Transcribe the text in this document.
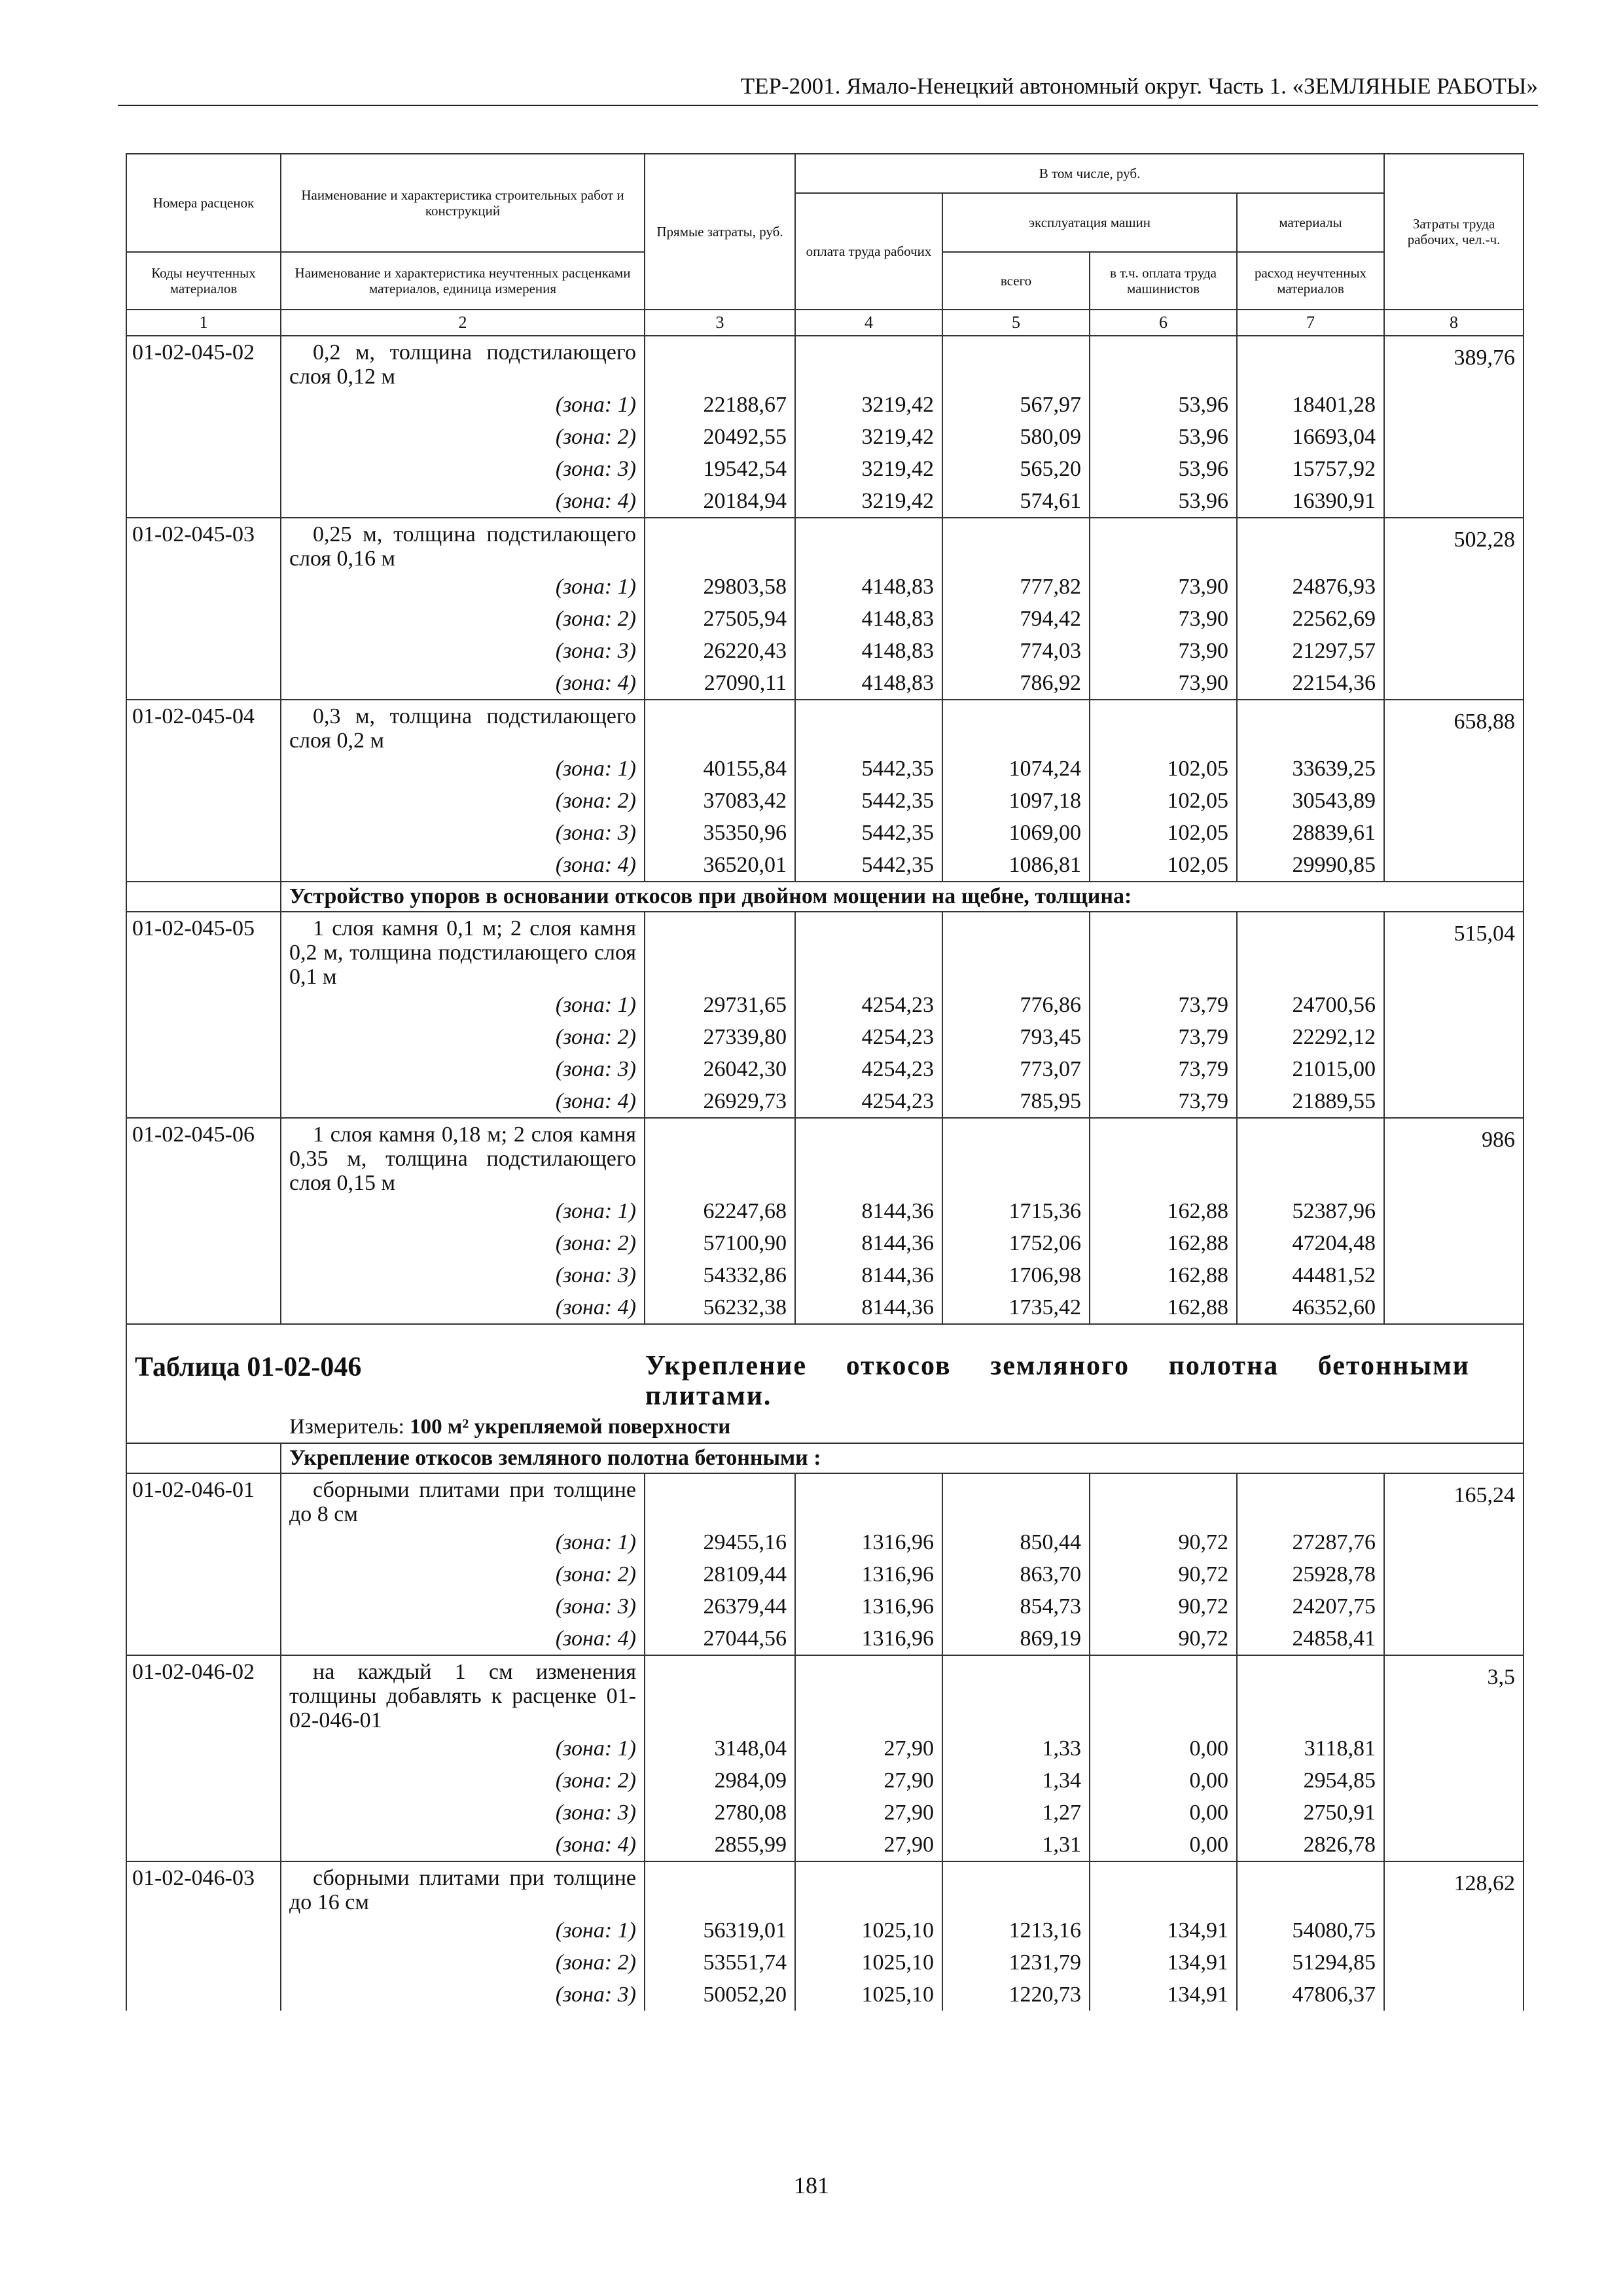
ТЕР-2001. Ямало-Ненецкий автономный округ. Часть 1. «ЗЕМЛЯНЫЕ РАБОТЫ»
Номера расценок	Наименование и характеристика строительных работ и конструкций	Прямые затраты, руб.	В том числе, руб.				Затраты труда рабочих, чел.-ч.
			оплата труда рабочих	эксплуатация машин		материалы	
Коды неучтенных материалов	Наименование и характеристика неучтенных расценками материалов, единица измерения			всего	в т.ч. оплата труда машинистов	расход неучтенных материалов	
1	2	3	4	5	6	7	8
01-02-045-02	0,2 м, толщина подстилающего слоя 0,12 м						389,76
	(зона: 1)	22188,67	3219,42	567,97	53,96	18401,28	
	(зона: 2)	20492,55	3219,42	580,09	53,96	16693,04	
	(зона: 3)	19542,54	3219,42	565,20	53,96	15757,92	
	(зона: 4)	20184,94	3219,42	574,61	53,96	16390,91	
01-02-045-03	0,25 м, толщина подстилающего слоя 0,16 м						502,28
	(зона: 1)	29803,58	4148,83	777,82	73,90	24876,93	
	(зона: 2)	27505,94	4148,83	794,42	73,90	22562,69	
	(зона: 3)	26220,43	4148,83	774,03	73,90	21297,57	
	(зона: 4)	27090,11	4148,83	786,92	73,90	22154,36	
01-02-045-04	0,3 м, толщина подстилающего слоя 0,2 м						658,88
	(зона: 1)	40155,84	5442,35	1074,24	102,05	33639,25	
	(зона: 2)	37083,42	5442,35	1097,18	102,05	30543,89	
	(зона: 3)	35350,96	5442,35	1069,00	102,05	28839,61	
	(зона: 4)	36520,01	5442,35	1086,81	102,05	29990,85	
	Устройство упоров в основании откосов при двойном мощении на щебне, толщина:						
01-02-045-05	1 слоя камня 0,1 м; 2 слоя камня 0,2 м, толщина подстилающего слоя 0,1 м						515,04
	(зона: 1)	29731,65	4254,23	776,86	73,79	24700,56	
	(зона: 2)	27339,80	4254,23	793,45	73,79	22292,12	
	(зона: 3)	26042,30	4254,23	773,07	73,79	21015,00	
	(зона: 4)	26929,73	4254,23	785,95	73,79	21889,55	
01-02-045-06	1 слоя камня 0,18 м; 2 слоя камня 0,35 м, толщина подстилающего слоя 0,15 м						986
	(зона: 1)	62247,68	8144,36	1715,36	162,88	52387,96	
	(зона: 2)	57100,90	8144,36	1752,06	162,88	47204,48	
	(зона: 3)	54332,86	8144,36	1706,98	162,88	44481,52	
	(зона: 4)	56232,38	8144,36	1735,42	162,88	46352,60	

Таблица 01-02-046 Укрепление откосов земляного полотна бетонными плитами.
Измеритель: 100 м² укрепляемой поверхности							

	Укрепление откосов земляного полотна бетонными :						
01-02-046-01	сборными плитами при толщине до 8 см						165,24
	(зона: 1)	29455,16	1316,96	850,44	90,72	27287,76	
	(зона: 2)	28109,44	1316,96	863,70	90,72	25928,78	
	(зона: 3)	26379,44	1316,96	854,73	90,72	24207,75	
	(зона: 4)	27044,56	1316,96	869,19	90,72	24858,41	
01-02-046-02	на каждый 1 см изменения толщины добавлять к расценке 01-02-046-01						3,5
	(зона: 1)	3148,04	27,90	1,33	0,00	3118,81	
	(зона: 2)	2984,09	27,90	1,34	0,00	2954,85	
	(зона: 3)	2780,08	27,90	1,27	0,00	2750,91	
	(зона: 4)	2855,99	27,90	1,31	0,00	2826,78	
01-02-046-03	сборными плитами при толщине до 16 см						128,62
	(зона: 1)	56319,01	1025,10	1213,16	134,91	54080,75	
	(зона: 2)	53551,74	1025,10	1231,79	134,91	51294,85	
	(зона: 3)	50052,20	1025,10	1220,73	134,91	47806,37	
181
